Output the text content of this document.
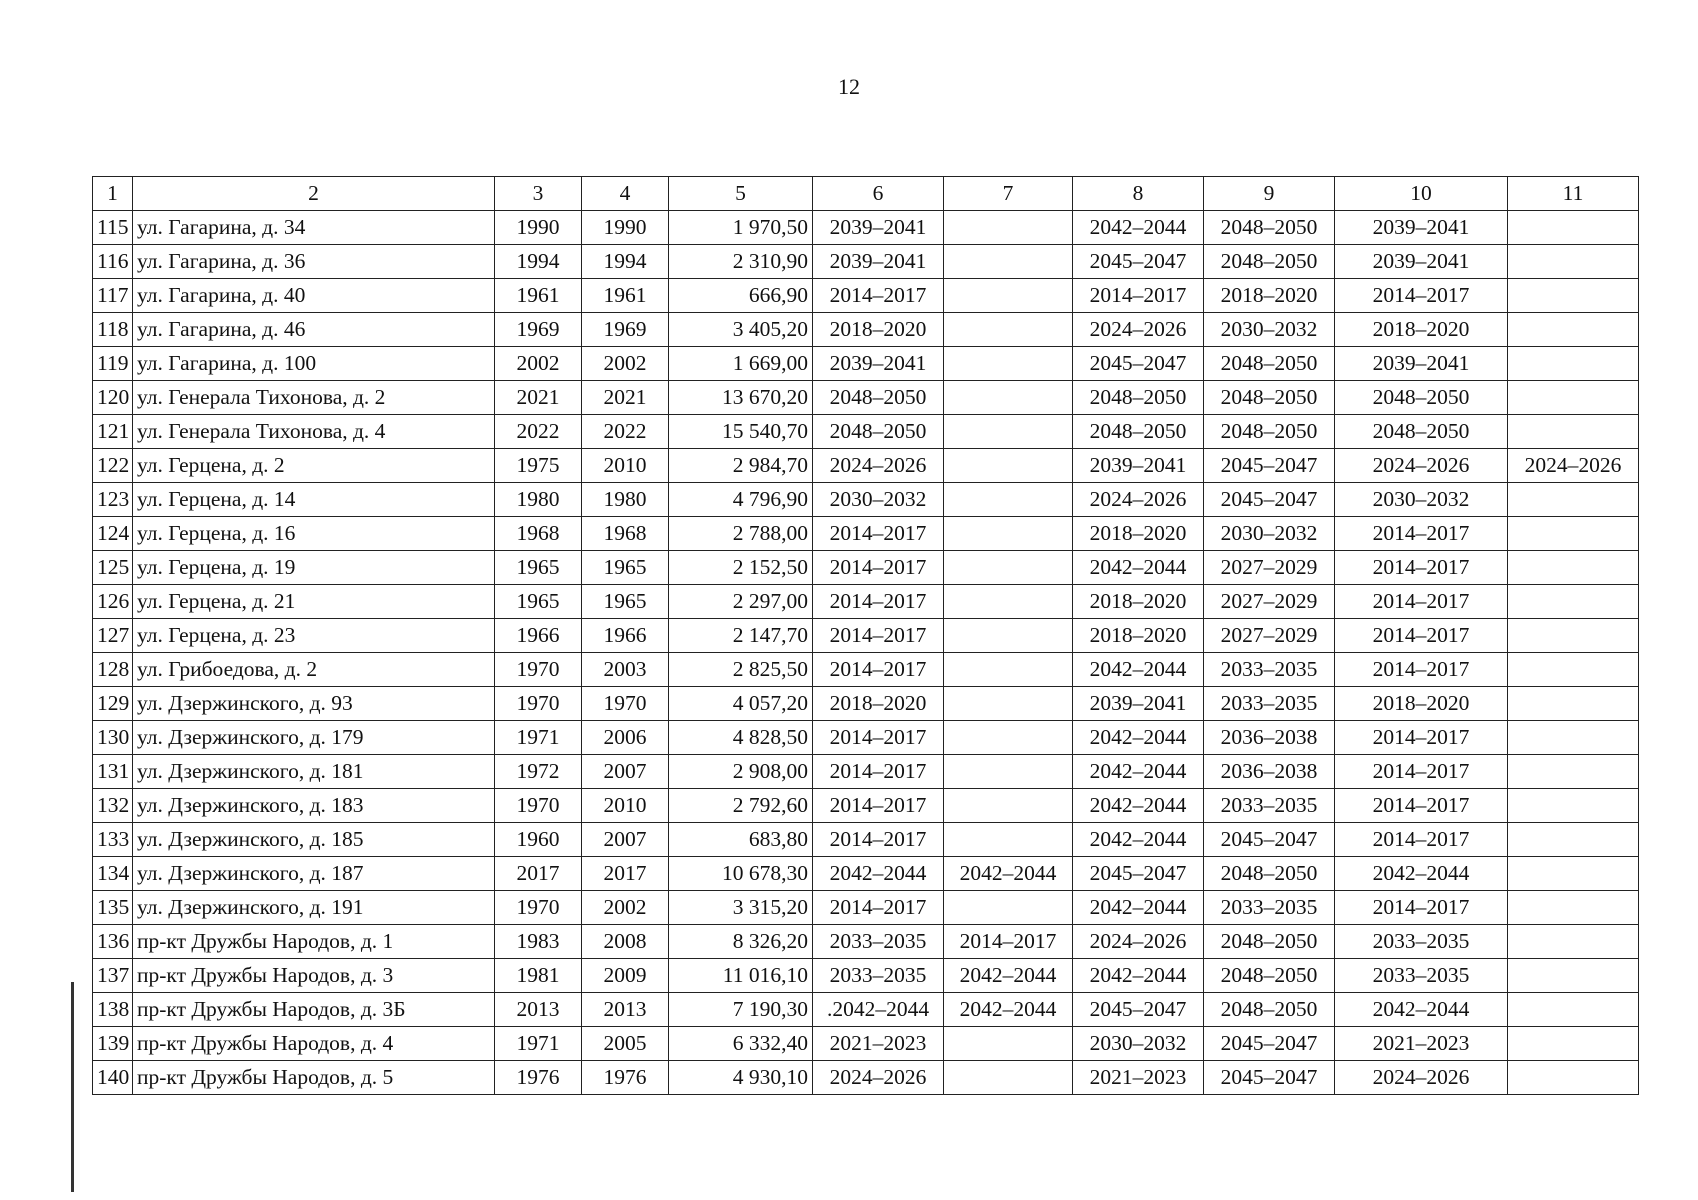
12
1	2	3	4	5	6	7	8	9	10	11
115	ул. Гагарина, д. 34	1990	1990	1 970,50	2039–2041		2042–2044	2048–2050	2039–2041	
116	ул. Гагарина, д. 36	1994	1994	2 310,90	2039–2041		2045–2047	2048–2050	2039–2041	
117	ул. Гагарина, д. 40	1961	1961	666,90	2014–2017		2014–2017	2018–2020	2014–2017	
118	ул. Гагарина, д. 46	1969	1969	3 405,20	2018–2020		2024–2026	2030–2032	2018–2020	
119	ул. Гагарина, д. 100	2002	2002	1 669,00	2039–2041		2045–2047	2048–2050	2039–2041	
120	ул. Генерала Тихонова, д. 2	2021	2021	13 670,20	2048–2050		2048–2050	2048–2050	2048–2050	
121	ул. Генерала Тихонова, д. 4	2022	2022	15 540,70	2048–2050		2048–2050	2048–2050	2048–2050	
122	ул. Герцена, д. 2	1975	2010	2 984,70	2024–2026		2039–2041	2045–2047	2024–2026	2024–2026
123	ул. Герцена, д. 14	1980	1980	4 796,90	2030–2032		2024–2026	2045–2047	2030–2032	
124	ул. Герцена, д. 16	1968	1968	2 788,00	2014–2017		2018–2020	2030–2032	2014–2017	
125	ул. Герцена, д. 19	1965	1965	2 152,50	2014–2017		2042–2044	2027–2029	2014–2017	
126	ул. Герцена, д. 21	1965	1965	2 297,00	2014–2017		2018–2020	2027–2029	2014–2017	
127	ул. Герцена, д. 23	1966	1966	2 147,70	2014–2017		2018–2020	2027–2029	2014–2017	
128	ул. Грибоедова, д. 2	1970	2003	2 825,50	2014–2017		2042–2044	2033–2035	2014–2017	
129	ул. Дзержинского, д. 93	1970	1970	4 057,20	2018–2020		2039–2041	2033–2035	2018–2020	
130	ул. Дзержинского, д. 179	1971	2006	4 828,50	2014–2017		2042–2044	2036–2038	2014–2017	
131	ул. Дзержинского, д. 181	1972	2007	2 908,00	2014–2017		2042–2044	2036–2038	2014–2017	
132	ул. Дзержинского, д. 183	1970	2010	2 792,60	2014–2017		2042–2044	2033–2035	2014–2017	
133	ул. Дзержинского, д. 185	1960	2007	683,80	2014–2017		2042–2044	2045–2047	2014–2017	
134	ул. Дзержинского, д. 187	2017	2017	10 678,30	2042–2044	2042–2044	2045–2047	2048–2050	2042–2044	
135	ул. Дзержинского, д. 191	1970	2002	3 315,20	2014–2017		2042–2044	2033–2035	2014–2017	
136	пр-кт Дружбы Народов, д. 1	1983	2008	8 326,20	2033–2035	2014–2017	2024–2026	2048–2050	2033–2035	
137	пр-кт Дружбы Народов, д. 3	1981	2009	11 016,10	2033–2035	2042–2044	2042–2044	2048–2050	2033–2035	
138	пр-кт Дружбы Народов, д. 3Б	2013	2013	7 190,30	.2042–2044	2042–2044	2045–2047	2048–2050	2042–2044	
139	пр-кт Дружбы Народов, д. 4	1971	2005	6 332,40	2021–2023		2030–2032	2045–2047	2021–2023	
140	пр-кт Дружбы Народов, д. 5	1976	1976	4 930,10	2024–2026		2021–2023	2045–2047	2024–2026	
